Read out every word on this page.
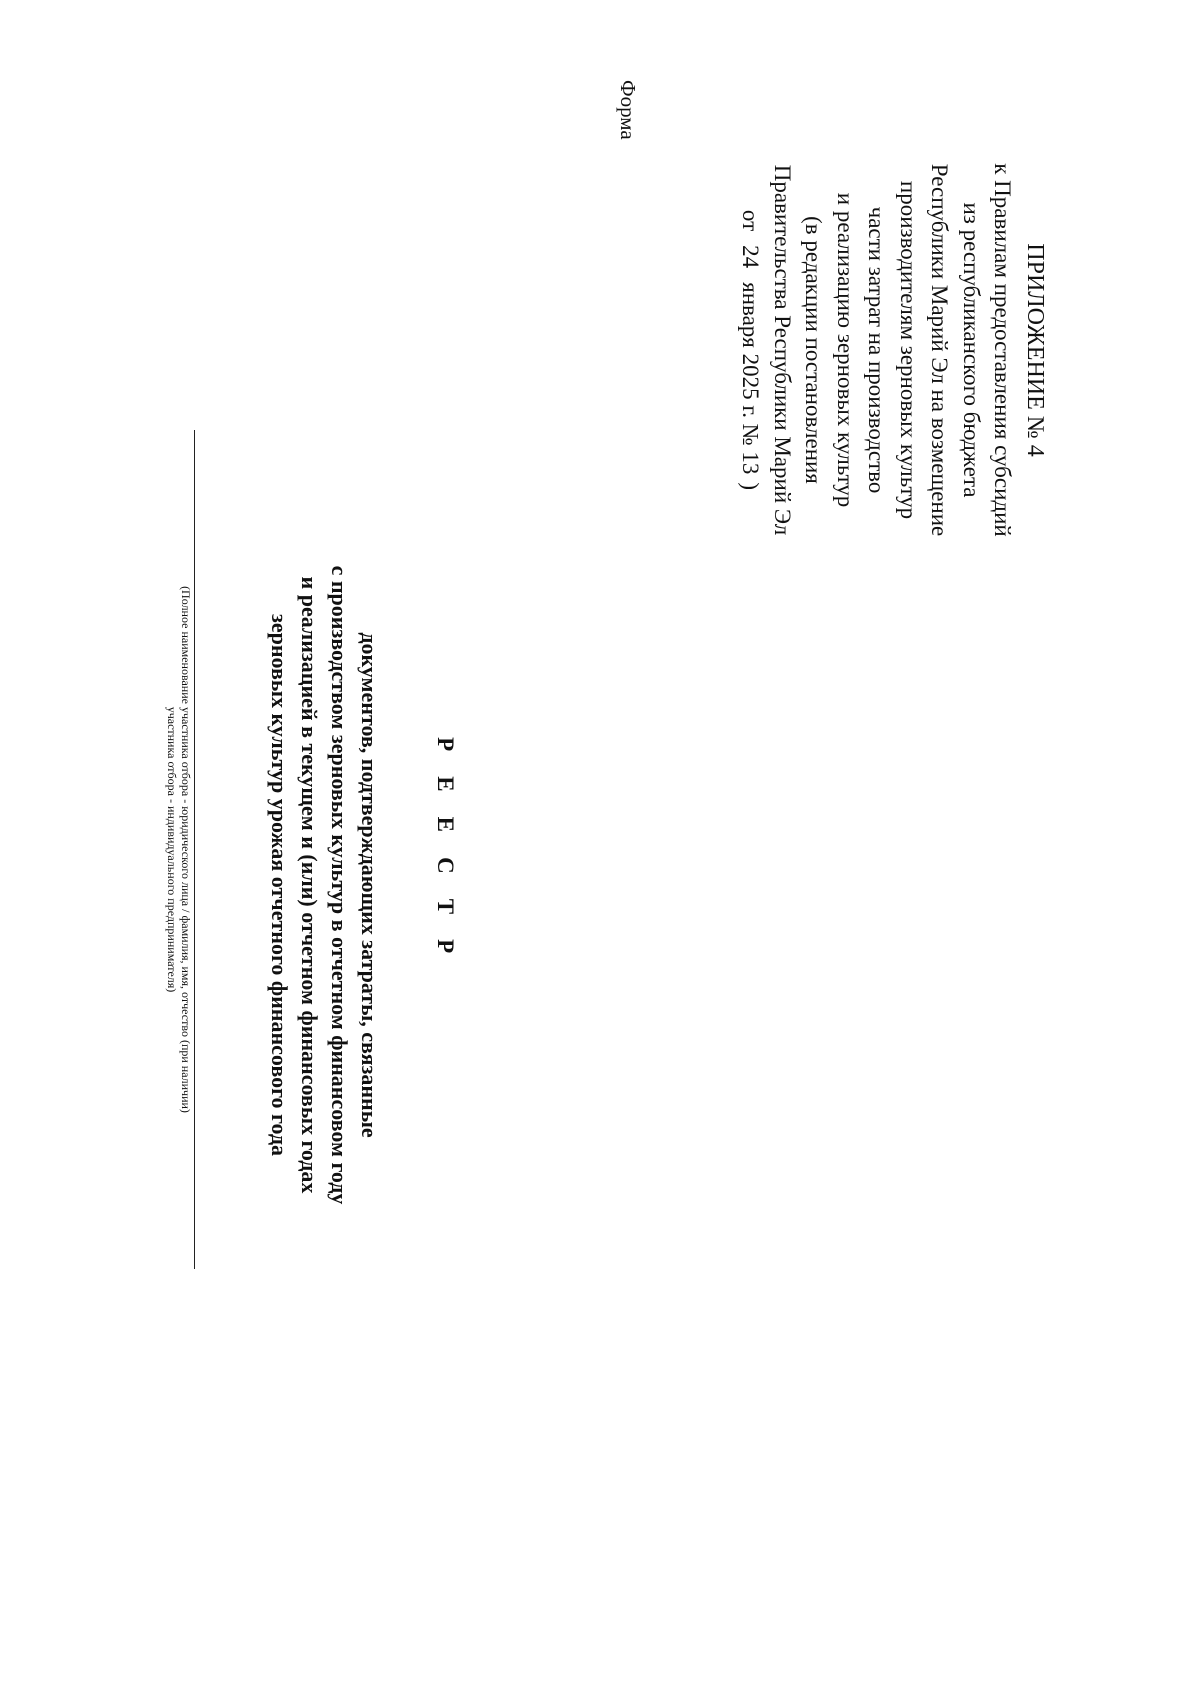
ПРИЛОЖЕНИЕ № 4
к Правилам предоставления субсидий
из республиканского бюджета
Республики Марий Эл на возмещение
производителям зерновых культур
части затрат на производство
и реализацию зерновых культур
(в редакции постановления
Правительства Республики Марий Эл
от24января 2025 г. № 13)
Форма
Р Е Е С Т Р
документов, подтверждающих затраты, связанные
с производством зерновых культур в отчетном финансовом году
и реализацией в текущем и (или) отчетном финансовых годах
зерновых культур урожая отчетного финансового года
(Полное наименование участника отбора - юридического лица / фамилия, имя, отчество (при наличии)
участника отбора - индивидуального предпринимателя)
